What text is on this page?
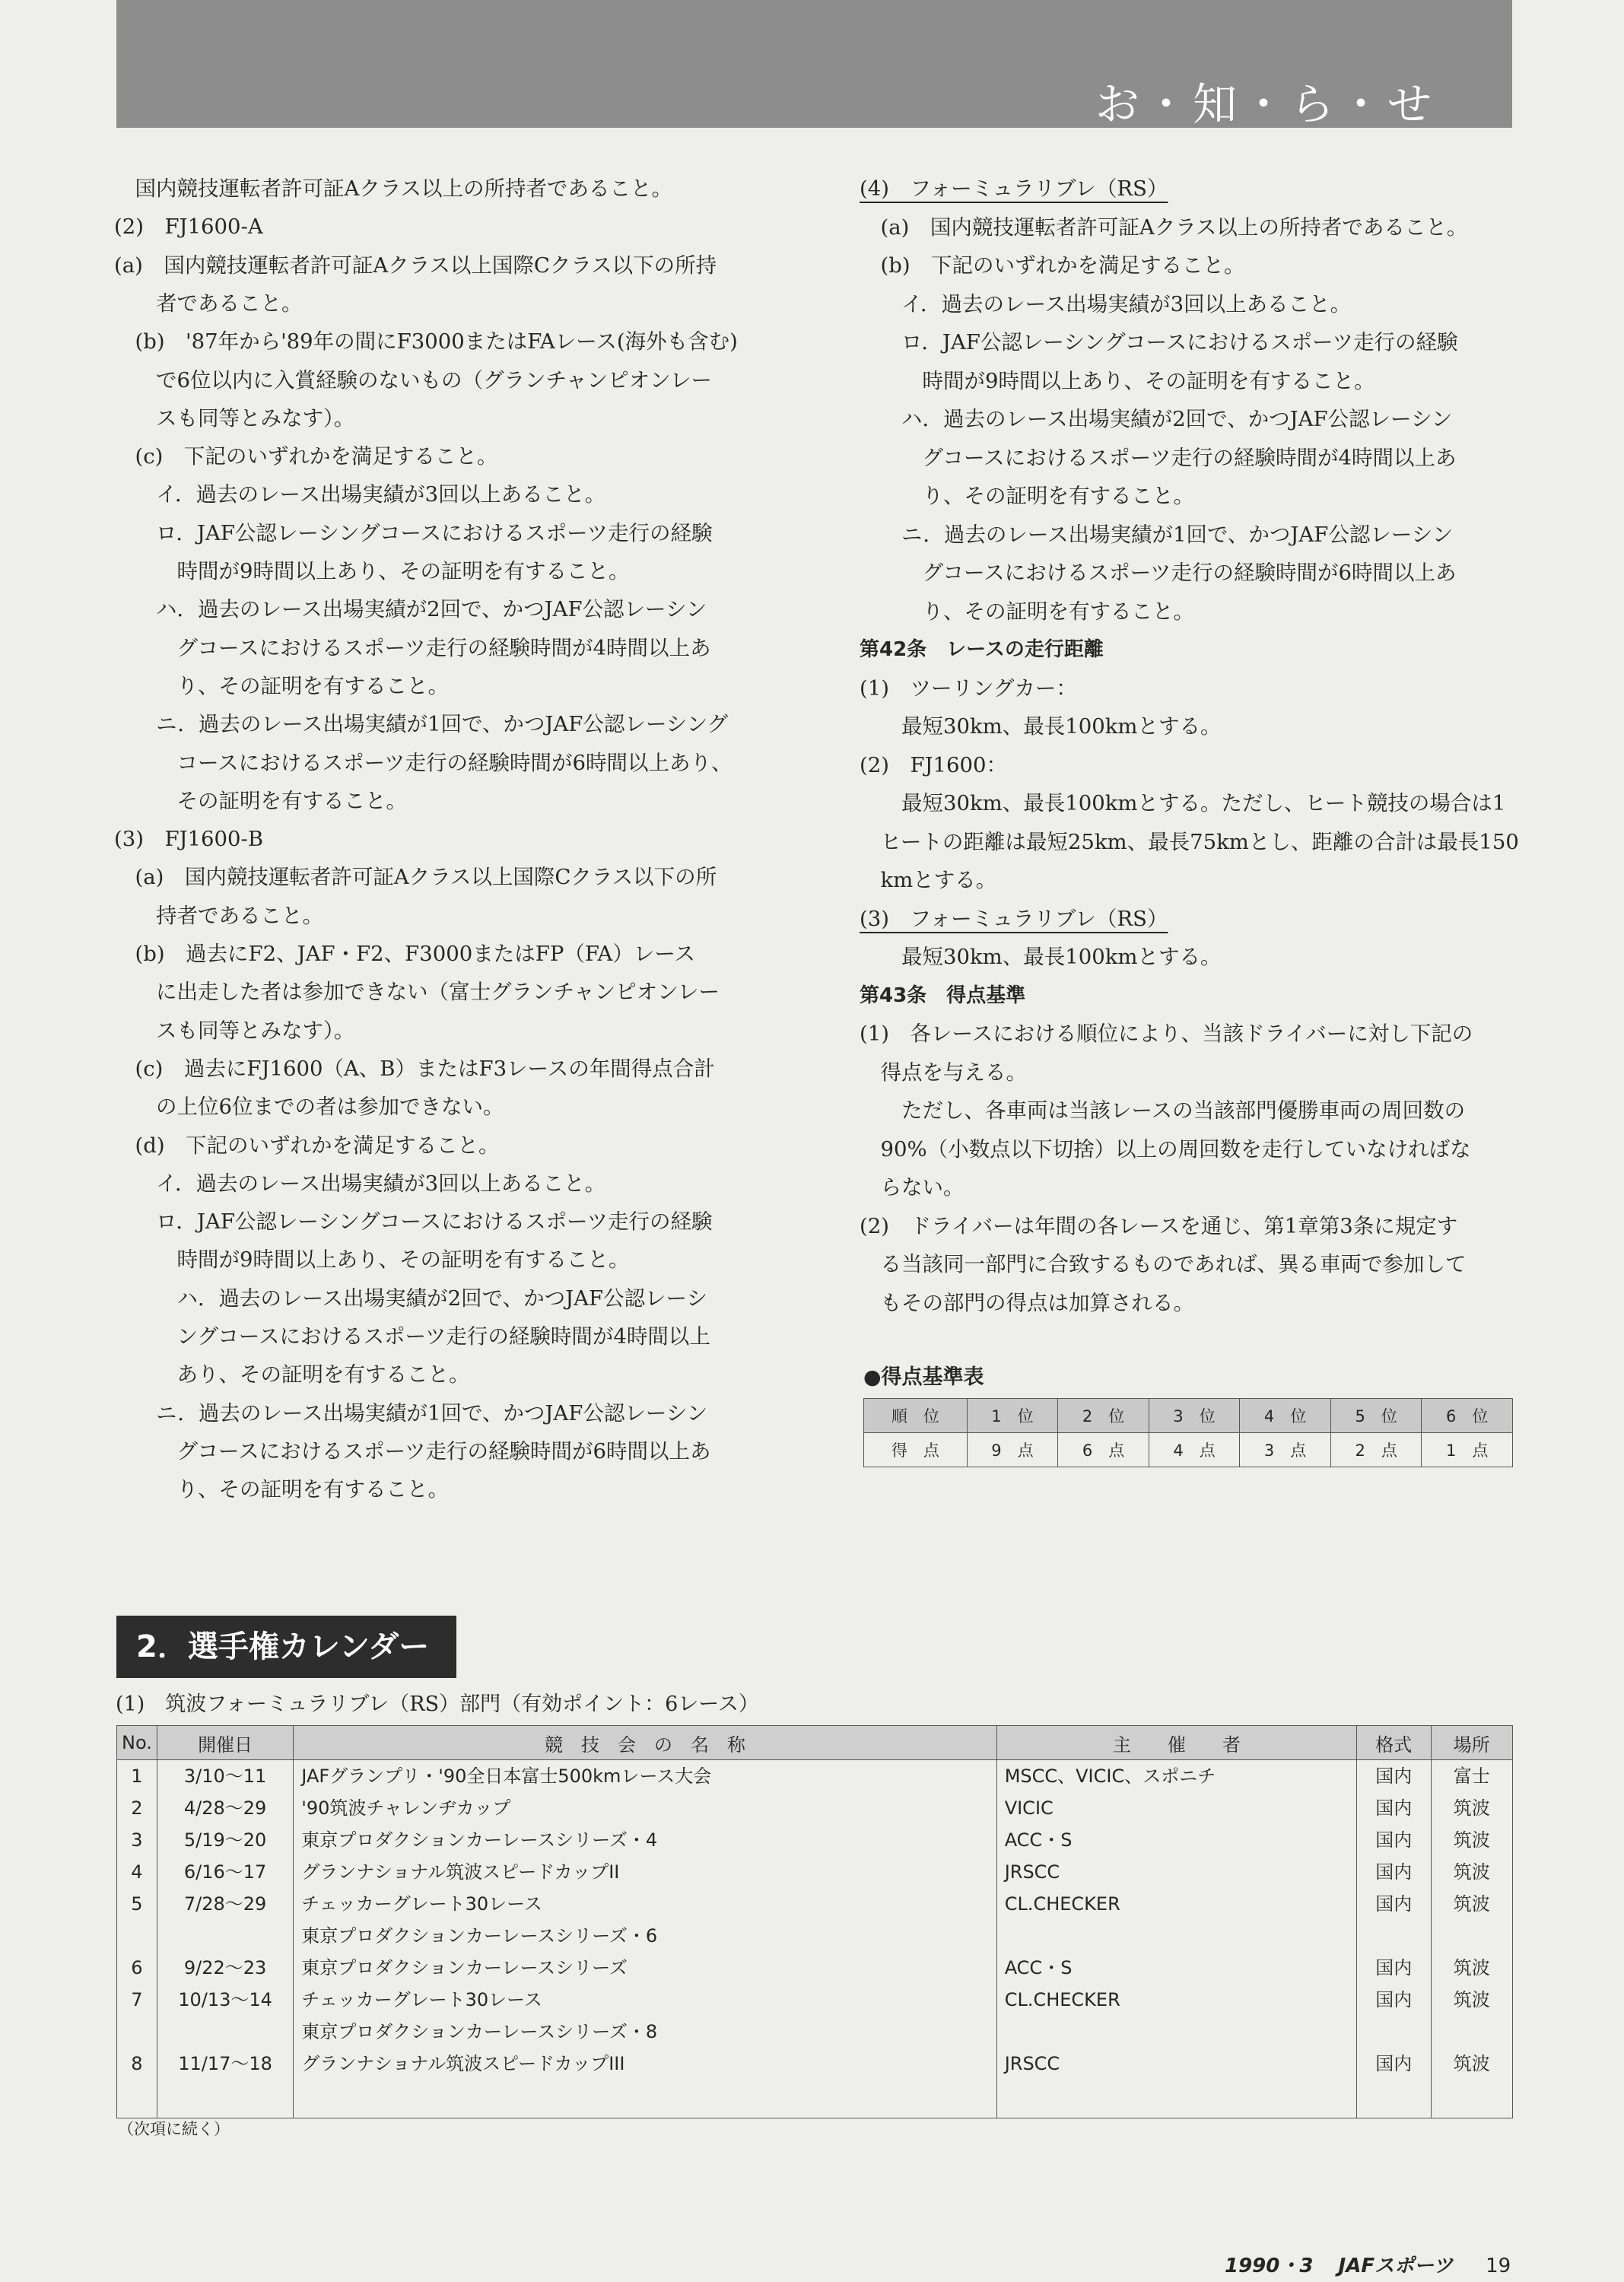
お・知・ら・せ
　国内競技運転者許可証Aクラス以上の所持者であること。
(2)　FJ1600-A
(a)　国内競技運転者許可証Aクラス以上国際Cクラス以下の所持
　　者であること。
　(b)　'87年から'89年の間にF3000またはFAレース(海外も含む)
　　で6位以内に入賞経験のないもの（グランチャンピオンレー
　　スも同等とみなす）。
　(c)　下記のいずれかを満足すること。
　　イ．過去のレース出場実績が3回以上あること。
　　ロ．JAF公認レーシングコースにおけるスポーツ走行の経験
　　　時間が9時間以上あり、その証明を有すること。
　　ハ．過去のレース出場実績が2回で、かつJAF公認レーシン
　　　グコースにおけるスポーツ走行の経験時間が4時間以上あ
　　　り、その証明を有すること。
　　ニ．過去のレース出場実績が1回で、かつJAF公認レーシング
　　　コースにおけるスポーツ走行の経験時間が6時間以上あり、
　　　その証明を有すること。
(3)　FJ1600-B
　(a)　国内競技運転者許可証Aクラス以上国際Cクラス以下の所
　　持者であること。
　(b)　過去にF2、JAF・F2、F3000またはFP（FA）レース
　　に出走した者は参加できない（富士グランチャンピオンレー
　　スも同等とみなす）。
　(c)　過去にFJ1600（A、B）またはF3レースの年間得点合計
　　の上位6位までの者は参加できない。
　(d)　下記のいずれかを満足すること。
　　イ．過去のレース出場実績が3回以上あること。
　　ロ．JAF公認レーシングコースにおけるスポーツ走行の経験
　　　時間が9時間以上あり、その証明を有すること。
　　　ハ．過去のレース出場実績が2回で、かつJAF公認レーシ
　　　ングコースにおけるスポーツ走行の経験時間が4時間以上
　　　あり、その証明を有すること。
　　ニ．過去のレース出場実績が1回で、かつJAF公認レーシン
　　　グコースにおけるスポーツ走行の経験時間が6時間以上あ
　　　り、その証明を有すること。
(4)　フォーミュラリブレ（RS）
　(a)　国内競技運転者許可証Aクラス以上の所持者であること。
　(b)　下記のいずれかを満足すること。
　　イ．過去のレース出場実績が3回以上あること。
　　ロ．JAF公認レーシングコースにおけるスポーツ走行の経験
　　　時間が9時間以上あり、その証明を有すること。
　　ハ．過去のレース出場実績が2回で、かつJAF公認レーシン
　　　グコースにおけるスポーツ走行の経験時間が4時間以上あ
　　　り、その証明を有すること。
　　ニ．過去のレース出場実績が1回で、かつJAF公認レーシン
　　　グコースにおけるスポーツ走行の経験時間が6時間以上あ
　　　り、その証明を有すること。
第42条　レースの走行距離
(1)　ツーリングカー：
　　最短30km、最長100kmとする。
(2)　FJ1600：
　　最短30km、最長100kmとする。ただし、ヒート競技の場合は1
　ヒートの距離は最短25km、最長75kmとし、距離の合計は最長150
　kmとする。
(3)　フォーミュラリブレ（RS）
　　最短30km、最長100kmとする。
第43条　得点基準
(1)　各レースにおける順位により、当該ドライバーに対し下記の
　得点を与える。
　　ただし、各車両は当該レースの当該部門優勝車両の周回数の
　90%（小数点以下切捨）以上の周回数を走行していなければな
　らない。
(2)　ドライバーは年間の各レースを通じ、第1章第3条に規定す
　る当該同一部門に合致するものであれば、異る車両で参加して
　もその部門の得点は加算される。
●得点基準表
順　位	1　位	2　位	3　位	4　位	5　位	6　位
得　点	9　点	6　点	4　点	3　点	2　点	1　点
2．選手権カレンダー
(1)　筑波フォーミュラリブレ（RS）部門（有効ポイント：6レース）
No.	開催日	競　技　会　の　名　称	主　　催　　者	格式	場所
1	3/10～11	JAFグランプリ・'90全日本富士500kmレース大会	MSCC、VICIC、スポニチ	国内	富士
2	4/28～29	'90筑波チャレンヂカップ	VICIC	国内	筑波
3	5/19～20	東京プロダクションカーレースシリーズ・4	ACC・S	国内	筑波
4	6/16～17	グランナショナル筑波スピードカップII	JRSCC	国内	筑波
5	7/28～29	チェッカーグレート30レース	CL.CHECKER	国内	筑波
		東京プロダクションカーレースシリーズ・6			
6	9/22～23	東京プロダクションカーレースシリーズ	ACC・S	国内	筑波
7	10/13～14	チェッカーグレート30レース	CL.CHECKER	国内	筑波
		東京プロダクションカーレースシリーズ・8			
8	11/17～18	グランナショナル筑波スピードカップIII	JRSCC	国内	筑波
（次項に続く）
1990・3 JAFスポーツ 19
